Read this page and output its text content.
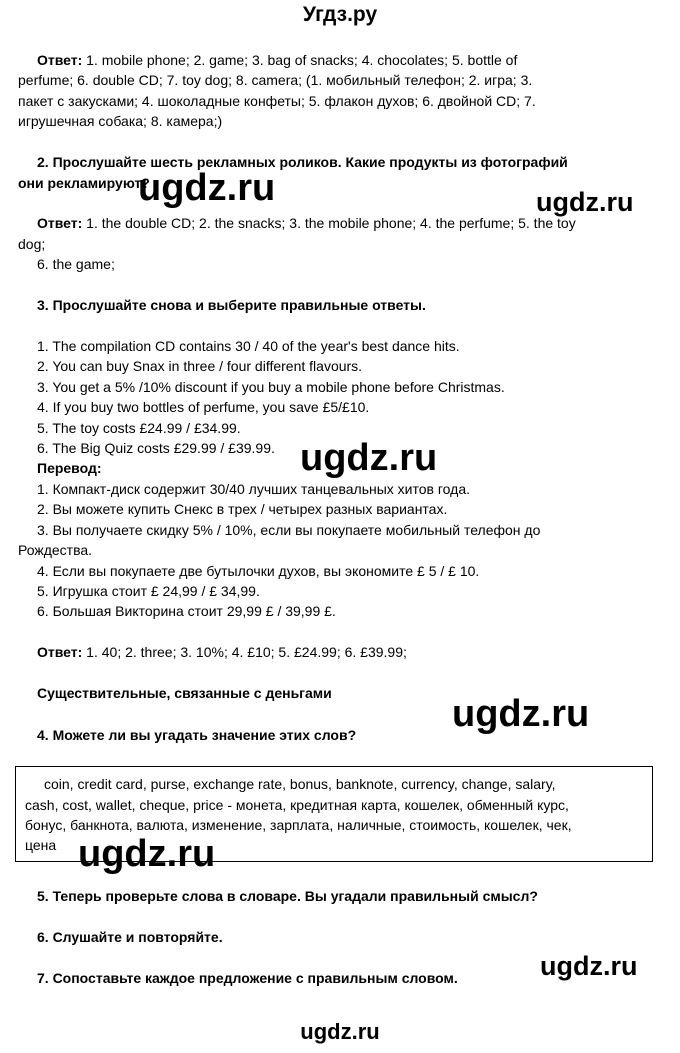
Угдз.ру
Ответ: 1. mobile phone; 2. game; 3. bag of snacks; 4. chocolates; 5. bottle of
perfume; 6. double CD; 7. toy dog; 8. camera; (1. мобильный телефон; 2. игра; 3.
пакет с закусками; 4. шоколадные конфеты; 5. флакон духов; 6. двойной CD; 7.
игрушечная собака; 8. камера;)
2. Прослушайте шесть рекламных роликов. Какие продукты из фотографий
они рекламируют?
ugdz.ru	ugdz.ru
Ответ: 1. the double CD; 2. the snacks; 3. the mobile phone; 4. the perfume; 5. the toy
dog;
6. the game;
3. Прослушайте снова и выберите правильные ответы.
1. The compilation CD contains 30 / 40 of the year's best dance hits.
2. You can buy Snax in three / four different flavours.
3. You get a 5% /10% discount if you buy a mobile phone before Christmas.
4. If you buy two bottles of perfume, you save £5/£10.
5. The toy costs £24.99 / £34.99.
6. The Big Quiz costs £29.99 / £39.99. ugdz.ru
Перевод:
1. Компакт-диск содержит 30/40 лучших танцевальных хитов года.
2. Вы можете купить Снекс в трех / четырех разных вариантах.
3. Вы получаете скидку 5% / 10%, если вы покупаете мобильный телефон до
Рождества.
4. Если вы покупаете две бутылочки духов, вы экономите £ 5 / £ 10.
5. Игрушка стоит £ 24,99 / £ 34,99.
6. Большая Викторина стоит 29,99 £ / 39,99 £.
Ответ: 1. 40; 2. three; 3. 10%; 4. £10; 5. £24.99; 6. £39.99;
Существительные, связанные с деньгами	ugdz.ru
4. Можете ли вы угадать значение этих слов?
coin, credit card, purse, exchange rate, bonus, banknote, currency, change, salary,
cash, cost, wallet, cheque, price - монета, кредитная карта, кошелек, обменный курс,
бонус, банкнота, валюта, изменение, зарплата, наличные, стоимость, кошелек, чек,
цена ugdz.ru
5. Теперь проверьте слова в словаре. Вы угадали правильный смысл?
6. Слушайте и повторяйте.
ugdz.ru
7. Сопоставьте каждое предложение с правильным словом.
ugdz.ru
